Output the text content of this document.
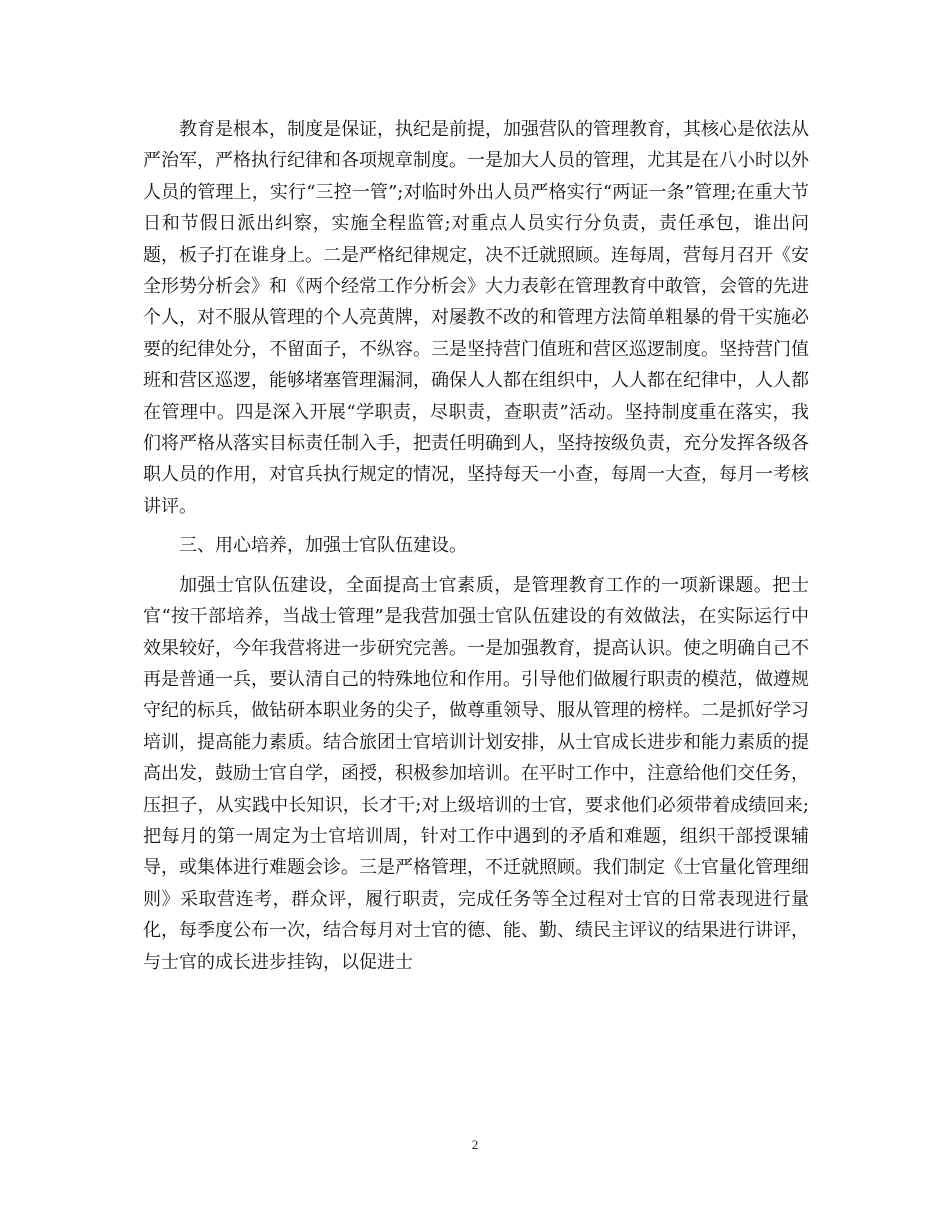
教育是根本，制度是保证，执纪是前提，加强营队的管理教育，其核心是依法从严治军，严格执行纪律和各项规章制度。一是加大人员的管理，尤其是在八小时以外人员的管理上，实行“三控一管”;对临时外出人员严格实行“两证一条”管理;在重大节日和节假日派出纠察，实施全程监管;对重点人员实行分负责，责任承包，谁出问题，板子打在谁身上。二是严格纪律规定，决不迁就照顾。连每周，营每月召开《安全形势分析会》和《两个经常工作分析会》大力表彰在管理教育中敢管，会管的先进个人，对不服从管理的个人亮黄牌，对屡教不改的和管理方法简单粗暴的骨干实施必要的纪律处分，不留面子，不纵容。三是坚持营门值班和营区巡逻制度。坚持营门值班和营区巡逻，能够堵塞管理漏洞，确保人人都在组织中，人人都在纪律中，人人都在管理中。四是深入开展“学职责，尽职责，查职责”活动。坚持制度重在落实，我们将严格从落实目标责任制入手，把责任明确到人，坚持按级负责，充分发挥各级各职人员的作用，对官兵执行规定的情况，坚持每天一小查，每周一大查，每月一考核讲评。

三、用心培养，加强士官队伍建设。

加强士官队伍建设，全面提高士官素质，是管理教育工作的一项新课题。把士官“按干部培养，当战士管理”是我营加强士官队伍建设的有效做法，在实际运行中效果较好，今年我营将进一步研究完善。一是加强教育，提高认识。使之明确自己不再是普通一兵，要认清自己的特殊地位和作用。引导他们做履行职责的模范，做遵规守纪的标兵，做钻研本职业务的尖子，做尊重领导、服从管理的榜样。二是抓好学习培训，提高能力素质。结合旅团士官培训计划安排，从士官成长进步和能力素质的提高出发，鼓励士官自学，函授，积极参加培训。在平时工作中，注意给他们交任务，压担子，从实践中长知识，长才干;对上级培训的士官，要求他们必须带着成绩回来;把每月的第一周定为士官培训周，针对工作中遇到的矛盾和难题，组织干部授课辅导，或集体进行难题会诊。三是严格管理，不迁就照顾。我们制定《士官量化管理细则》采取营连考，群众评，履行职责，完成任务等全过程对士官的日常表现进行量化，每季度公布一次，结合每月对士官的德、能、勤、绩民主评议的结果进行讲评，与士官的成长进步挂钩，以促进士

2
